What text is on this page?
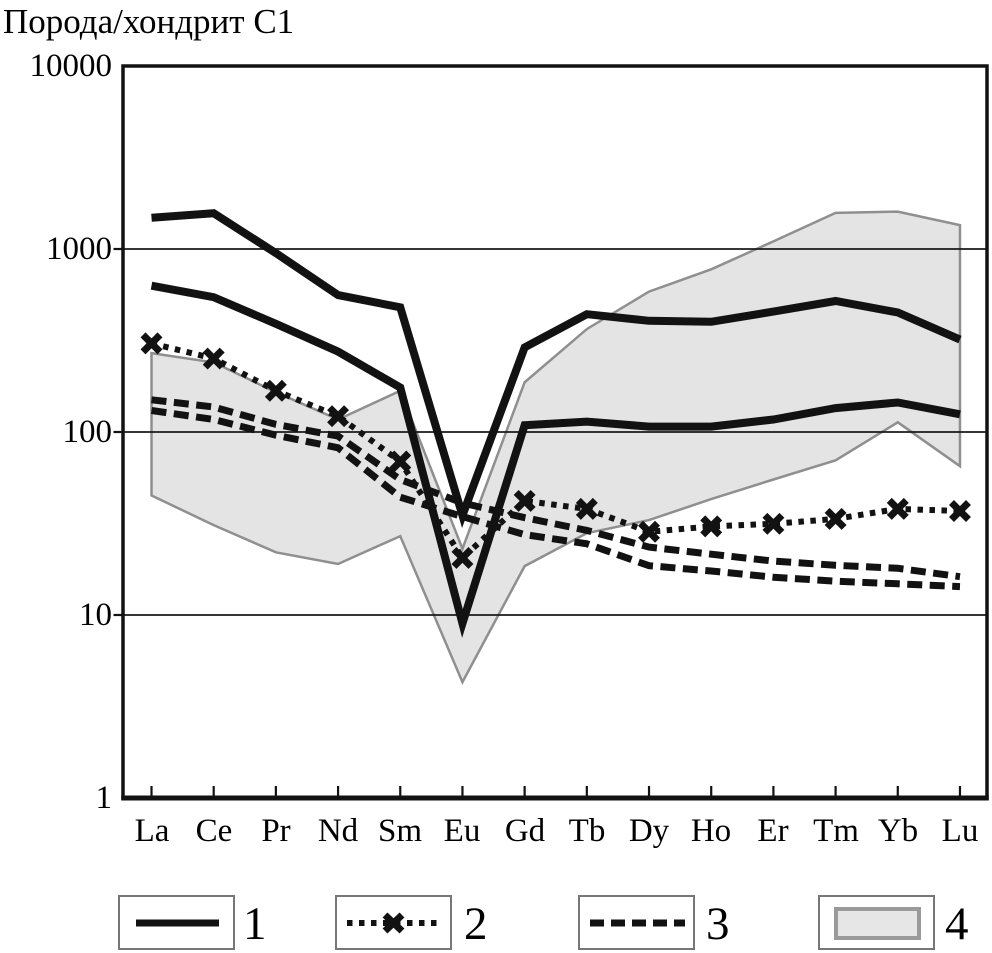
Порода/хондрит С1
10000
1000
100
10
1
La Ce Pr Nd Sm Eu Gd Tb Dy Ho Er Tm Yb Lu
1	2	3	4
